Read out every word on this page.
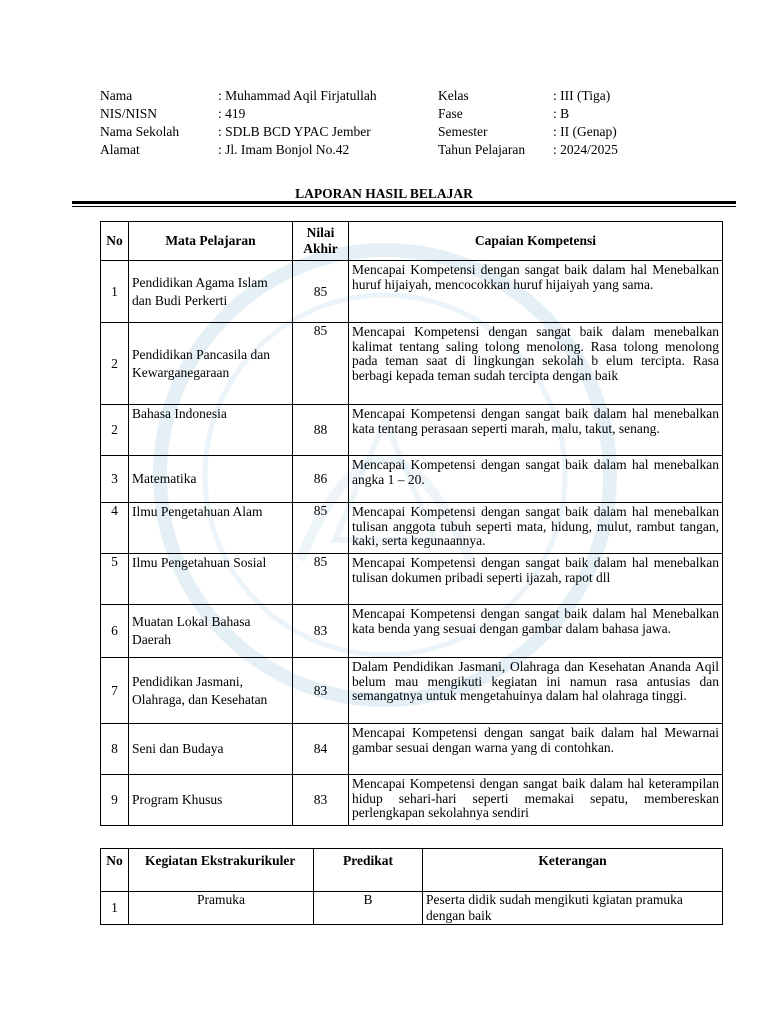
Nama	: Muhammad Aqil Firjatullah	Kelas	: III (Tiga)
NIS/NISN	: 419	Fase	: B
Nama Sekolah	: SDLB BCD YPAC Jember	Semester	: II (Genap)
Alamat	: Jl. Imam Bonjol No.42	Tahun Pelajaran : 2024/2025
LAPORAN HASIL BELAJAR
No	Mata Pelajaran	Nilai Akhir	Capaian Kompetensi
1	Pendidikan Agama Islam dan Budi Perkerti	85	Mencapai Kompetensi dengan sangat baik dalam hal Menebalkan huruf hijaiyah, mencocokkan huruf hijaiyah yang sama.
2	Pendidikan Pancasila dan Kewarganegaraan	85	Mencapai Kompetensi dengan sangat baik dalam menebalkan kalimat tentang saling tolong menolong. Rasa tolong menolong pada teman saat di lingkungan sekolah b elum tercipta. Rasa berbagi kepada teman sudah tercipta dengan baik
2	Bahasa Indonesia	88	Mencapai Kompetensi dengan sangat baik dalam hal menebalkan kata tentang perasaan seperti marah, malu, takut, senang.
3	Matematika	86	Mencapai Kompetensi dengan sangat baik dalam hal menebalkan angka 1 – 20.
4	Ilmu Pengetahuan Alam	85	Mencapai Kompetensi dengan sangat baik dalam hal menebalkan tulisan anggota tubuh seperti mata, hidung, mulut, rambut tangan, kaki, serta kegunaannya.
5	Ilmu Pengetahuan Sosial	85	Mencapai Kompetensi dengan sangat baik dalam hal menebalkan tulisan dokumen pribadi seperti ijazah, rapot dll
6	Muatan Lokal Bahasa Daerah	83	Mencapai Kompetensi dengan sangat baik dalam hal Menebalkan kata benda yang sesuai dengan gambar dalam bahasa jawa.
7	Pendidikan Jasmani, Olahraga, dan Kesehatan	83	Dalam Pendidikan Jasmani, Olahraga dan Kesehatan Ananda Aqil belum mau mengikuti kegiatan ini namun rasa antusias dan semangatnya untuk mengetahuinya dalam hal olahraga tinggi.
8	Seni dan Budaya	84	Mencapai Kompetensi dengan sangat baik dalam hal Mewarnai gambar sesuai dengan warna yang di contohkan.
9	Program Khusus	83	Mencapai Kompetensi dengan sangat baik dalam hal keterampilan hidup sehari-hari seperti memakai sepatu, membereskan perlengkapan sekolahnya sendiri
No	Kegiatan Ekstrakurikuler	Predikat	Keterangan
1	Pramuka	B	Peserta didik sudah mengikuti kgiatan pramuka dengan baik
